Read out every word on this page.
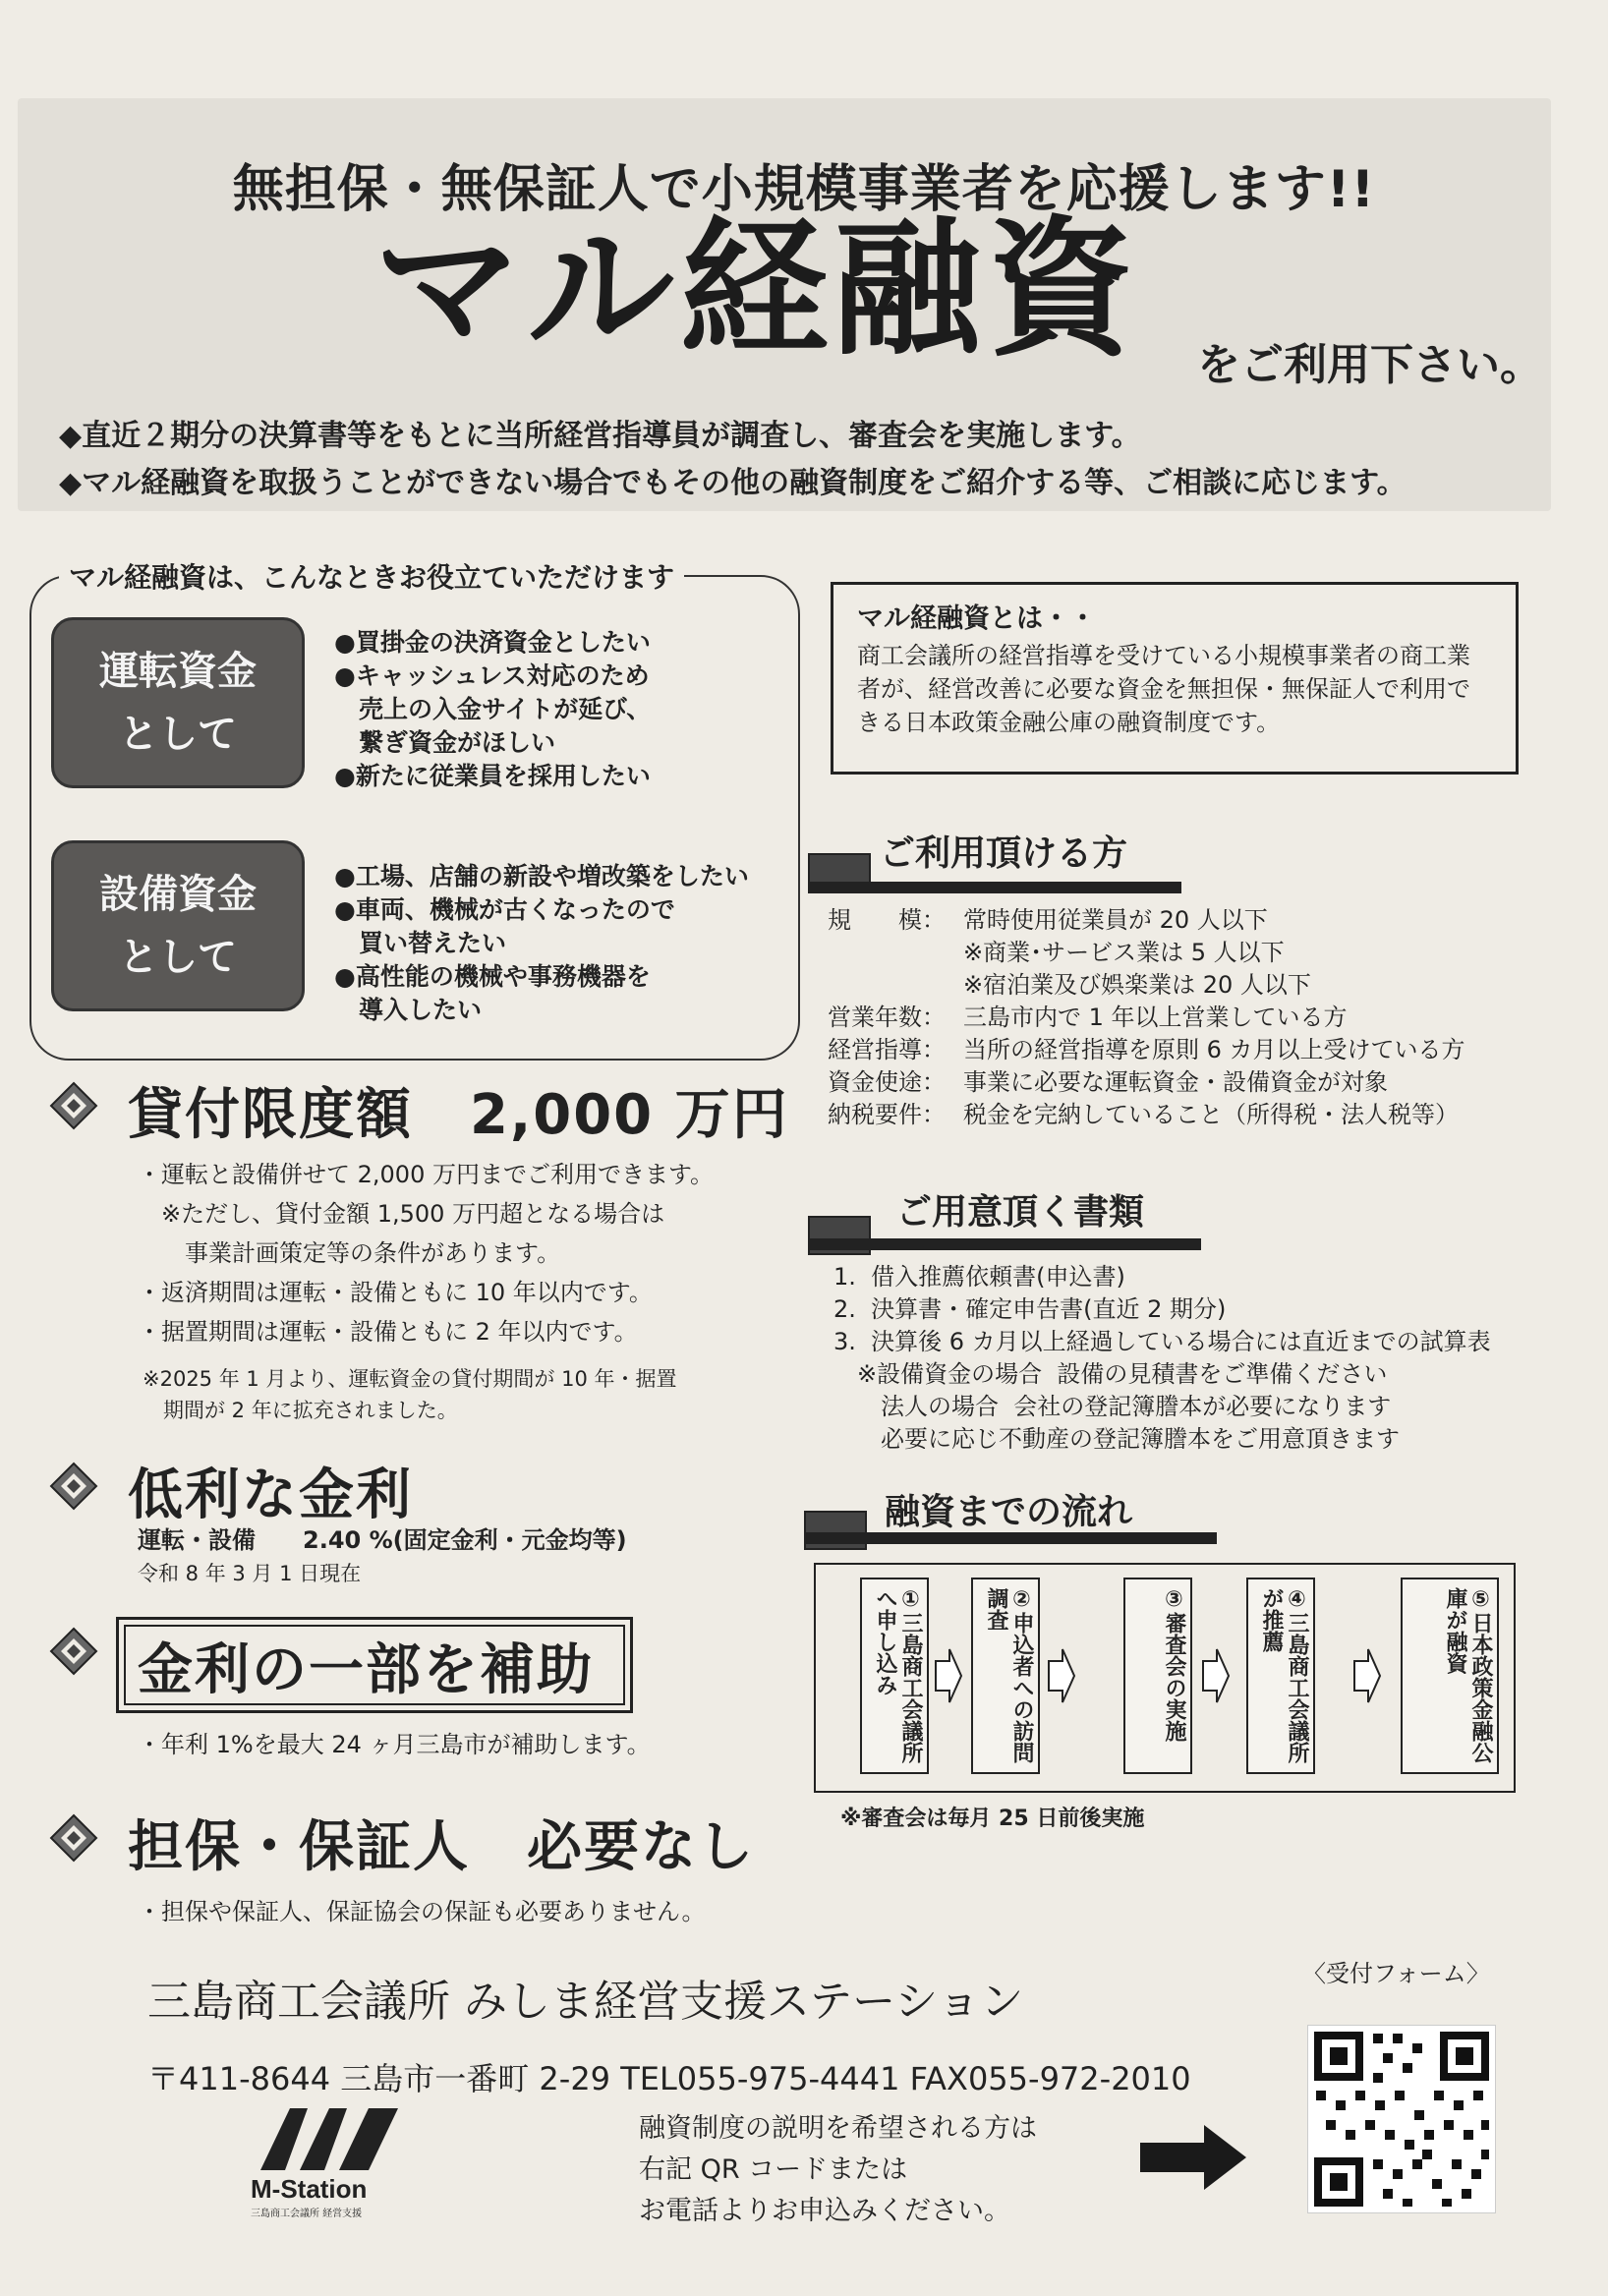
無担保・無保証人で小規模事業者を応援します!!
マル経融資 をご利用下さい。
◆直近２期分の決算書等をもとに当所経営指導員が調査し、審査会を実施します。
◆マル経融資を取扱うことができない場合でもその他の融資制度をご紹介する等、ご相談に応じます。
マル経融資は、こんなときお役立ていただけます
運転資金
として
●買掛金の決済資金としたい
●キャッシュレス対応のため
　売上の入金サイトが延び、
　繋ぎ資金がほしい
●新たに従業員を採用したい
設備資金
として
●工場、店舗の新設や増改築をしたい
●車両、機械が古くなったので
　買い替えたい
●高性能の機械や事務機器を
　導入したい
マル経融資とは・・
商工会議所の経営指導を受けている小規模事業者の商工業者が、経営改善に必要な資金を無担保・無保証人で利用できる日本政策金融公庫の融資制度です。
ご利用頂ける方
規　　模： 常時使用従業員が 20 人以下
※商業･サービス業は 5 人以下
※宿泊業及び娯楽業は 20 人以下
営業年数： 三島市内で 1 年以上営業している方
経営指導： 当所の経営指導を原則 6 カ月以上受けている方
資金使途： 事業に必要な運転資金・設備資金が対象
納税要件： 税金を完納していること（所得税・法人税等）
ご用意頂く書類
1.  借入推薦依頼書(申込書)
2.  決算書・確定申告書(直近 2 期分)
3.  決算後 6 カ月以上経過している場合には直近までの試算表
　※設備資金の場合  設備の見積書をご準備ください
　　法人の場合  会社の登記簿謄本が必要になります
　　必要に応じ不動産の登記簿謄本をご用意頂きます
融資までの流れ
①三島商工会議所へ申し込み	②申込者への訪問調査	③審査会の実施	④三島商工会議所が推薦	⑤日本政策金融公庫が融資
※審査会は毎月 25 日前後実施
貸付限度額　2,000 万円
・運転と設備併せて 2,000 万円までご利用できます。
　※ただし、貸付金額 1,500 万円超となる場合は
　　事業計画策定等の条件があります。
・返済期間は運転・設備ともに 10 年以内です。
・据置期間は運転・設備ともに 2 年以内です。
※2025 年 1 月より、運転資金の貸付期間が 10 年・据置
　期間が 2 年に拡充されました。
低利な金利
運転・設備　　2.40 %(固定金利・元金均等)
令和 8 年 3 月 1 日現在
金利の一部を補助
・年利 1%を最大 24 ヶ月三島市が補助します。
担保・保証人　必要なし
・担保や保証人、保証協会の保証も必要ありません。
三島商工会議所 みしま経営支援ステーション
〒411-8644 三島市一番町 2-29 TEL055-975-4441 FAX055-972-2010
〈受付フォーム〉
M-Station
三島商工会議所 経営支援
融資制度の説明を希望される方は
右記 QR コードまたは
お電話よりお申込みください。
